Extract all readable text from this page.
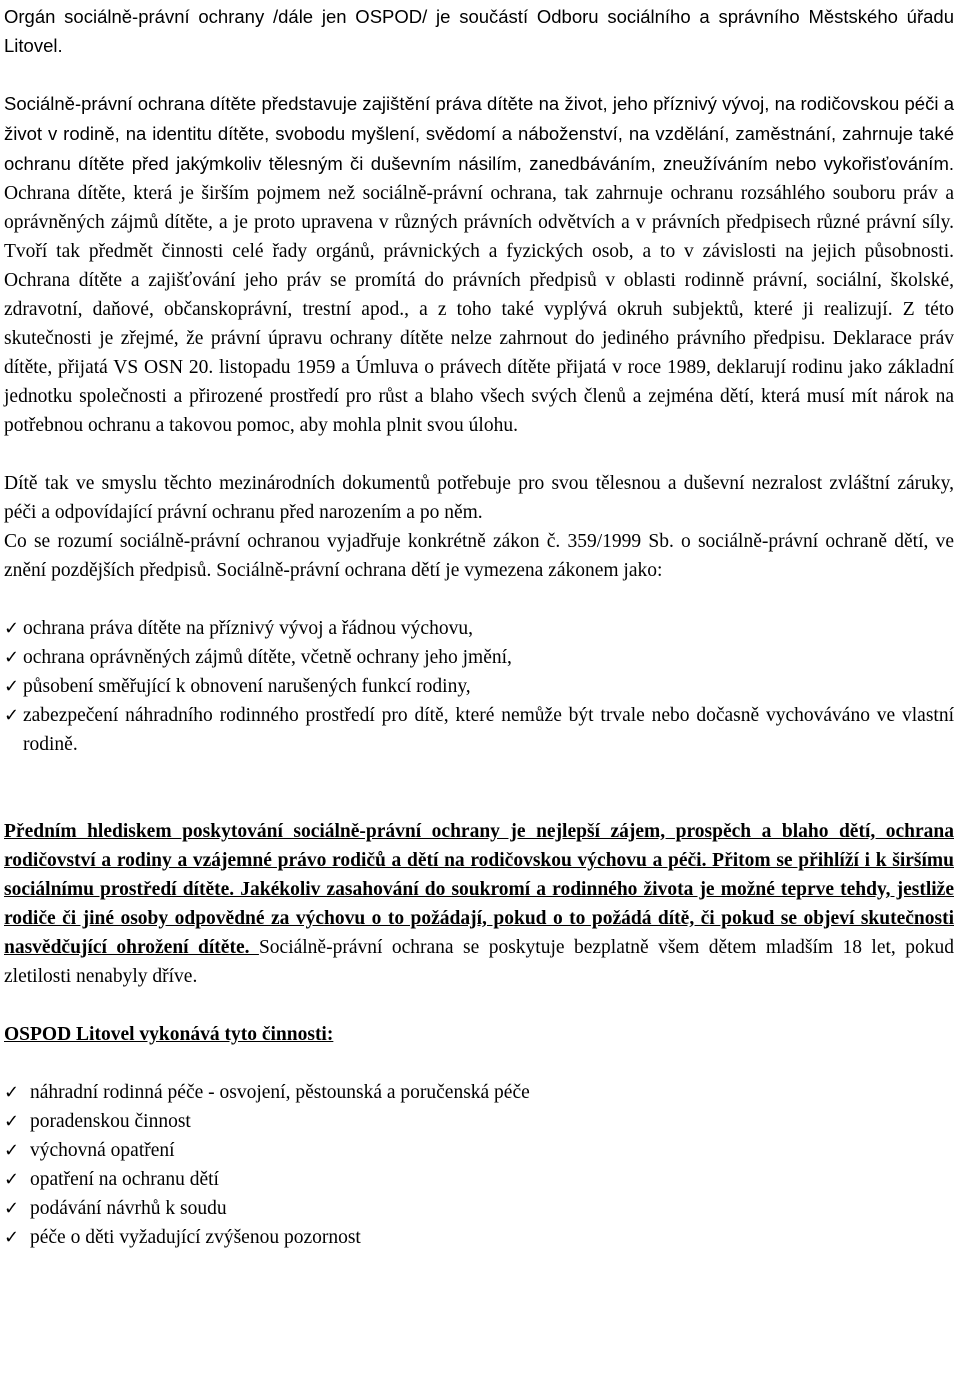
Orgán sociálně-právní ochrany /dále jen OSPOD/ je součástí Odboru sociálního a správního Městského úřadu Litovel.

Sociálně-právní ochrana dítěte představuje zajištění práva dítěte na život, jeho příznivý vývoj, na rodičovskou péči a život v rodině, na identitu dítěte, svobodu myšlení, svědomí a náboženství, na vzdělání, zaměstnání, zahrnuje také ochranu dítěte před jakýmkoliv tělesným či duševním násilím, zanedbáváním, zneužíváním nebo vykořisťováním. Ochrana dítěte, která je širším pojmem než sociálně-právní ochrana, tak zahrnuje ochranu rozsáhlého souboru práv a oprávněných zájmů dítěte, a je proto upravena v různých právních odvětvích a v právních předpisech různé právní síly. Tvoří tak předmět činnosti celé řady orgánů, právnických a fyzických osob, a to v závislosti na jejich působnosti. Ochrana dítěte a zajišťování jeho práv se promítá do právních předpisů v oblasti rodinně právní, sociální, školské, zdravotní, daňové, občanskoprávní, trestní apod., a z toho také vyplývá okruh subjektů, které ji realizují. Z této skutečnosti je zřejmé, že právní úpravu ochrany dítěte nelze zahrnout do jediného právního předpisu. Deklarace práv dítěte, přijatá VS OSN 20. listopadu 1959 a Úmluva o právech dítěte přijatá v roce 1989, deklarují rodinu jako základní jednotku společnosti a přirozené prostředí pro růst a blaho všech svých členů a zejména dětí, která musí mít nárok na potřebnou ochranu a takovou pomoc, aby mohla plnit svou úlohu.

Dítě tak ve smyslu těchto mezinárodních dokumentů potřebuje pro svou tělesnou a duševní nezralost zvláštní záruky, péči a odpovídající právní ochranu před narozením a po něm.

Co se rozumí sociálně-právní ochranou vyjadřuje konkrétně zákon č. 359/1999 Sb. o sociálně-právní ochraně dětí, ve znění pozdějších předpisů. Sociálně-právní ochrana dětí je vymezena zákonem jako:

✓ ochrana práva dítěte na příznivý vývoj a řádnou výchovu,
✓ ochrana oprávněných zájmů dítěte, včetně ochrany jeho jmění,
✓ působení směřující k obnovení narušených funkcí rodiny,
✓ zabezpečení náhradního rodinného prostředí pro dítě, které nemůže být trvale nebo dočasně vychováváno ve vlastní rodině.

Předním hlediskem poskytování sociálně-právní ochrany je nejlepší zájem, prospěch a blaho dětí, ochrana rodičovství a rodiny a vzájemné právo rodičů a dětí na rodičovskou výchovu a péči. Přitom se přihlíží i k širšímu sociálnímu prostředí dítěte. Jakékoliv zasahování do soukromí a rodinného života je možné teprve tehdy, jestliže rodiče či jiné osoby odpovědné za výchovu o to požádají, pokud o to požádá dítě, či pokud se objeví skutečnosti nasvědčující ohrožení dítěte. Sociálně-právní ochrana se poskytuje bezplatně všem dětem mladším 18 let, pokud zletilosti nenabyly dříve.

OSPOD Litovel vykonává tyto činnosti:

✓ náhradní rodinná péče - osvojení, pěstounská a poručenská péče
✓ poradenskou činnost
✓ výchovná opatření
✓ opatření na ochranu dětí
✓ podávání návrhů k soudu
✓ péče o děti vyžadující zvýšenou pozornost
